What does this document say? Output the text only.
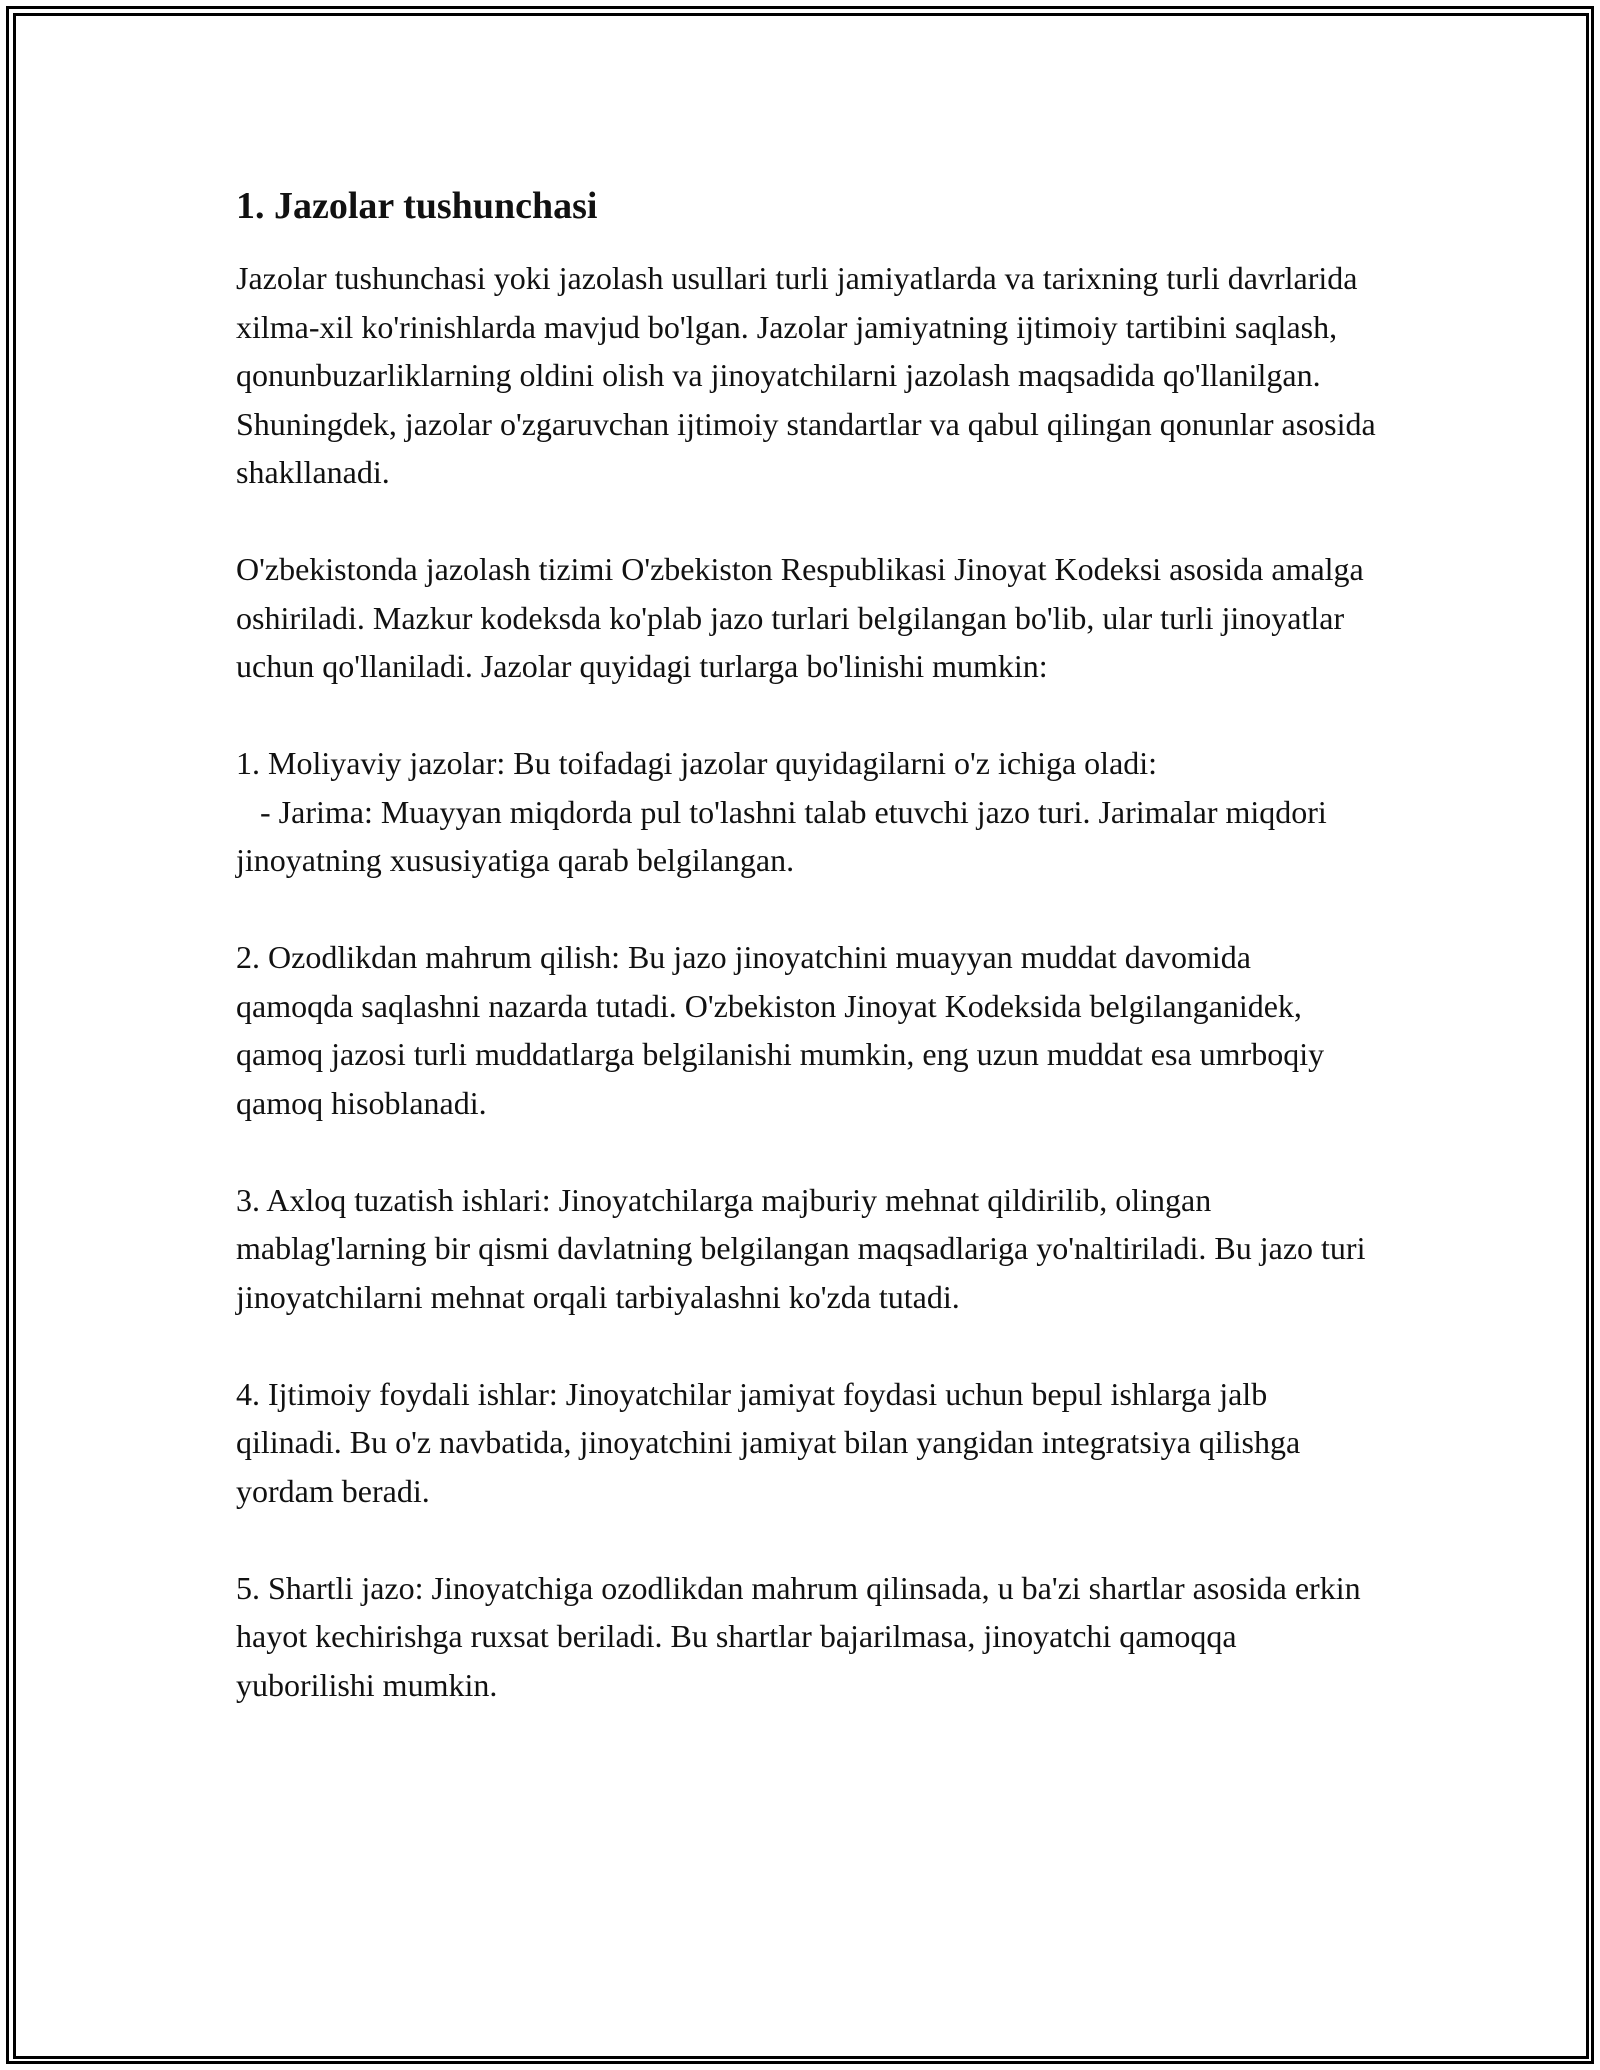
1. Jazolar tushunchasi

Jazolar tushunchasi yoki jazolash usullari turli jamiyatlarda va tarixning turli davrlarida xilma-xil ko'rinishlarda mavjud bo'lgan. Jazolar jamiyatning ijtimoiy tartibini saqlash, qonunbuzarliklarning oldini olish va jinoyatchilarni jazolash maqsadida qo'llanilgan. Shuningdek, jazolar o'zgaruvchan ijtimoiy standartlar va qabul qilingan qonunlar asosida shakllanadi.

O'zbekistonda jazolash tizimi O'zbekiston Respublikasi Jinoyat Kodeksi asosida amalga oshiriladi. Mazkur kodeksda ko'plab jazo turlari belgilangan bo'lib, ular turli jinoyatlar uchun qo'llaniladi. Jazolar quyidagi turlarga bo'linishi mumkin:

1. Moliyaviy jazolar: Bu toifadagi jazolar quyidagilarni o'z ichiga oladi:
- Jarima: Muayyan miqdorda pul to'lashni talab etuvchi jazo turi. Jarimalar miqdori jinoyatning xususiyatiga qarab belgilangan.

2. Ozodlikdan mahrum qilish: Bu jazo jinoyatchini muayyan muddat davomida qamoqda saqlashni nazarda tutadi. O'zbekiston Jinoyat Kodeksida belgilanganidek, qamoq jazosi turli muddatlarga belgilanishi mumkin, eng uzun muddat esa umrboqiy qamoq hisoblanadi.

3. Axloq tuzatish ishlari: Jinoyatchilarga majburiy mehnat qildirilib, olingan mablag'larning bir qismi davlatning belgilangan maqsadlariga yo'naltiriladi. Bu jazo turi jinoyatchilarni mehnat orqali tarbiyalashni ko'zda tutadi.

4. Ijtimoiy foydali ishlar: Jinoyatchilar jamiyat foydasi uchun bepul ishlarga jalb qilinadi. Bu o'z navbatida, jinoyatchini jamiyat bilan yangidan integratsiya qilishga yordam beradi.

5. Shartli jazo: Jinoyatchiga ozodlikdan mahrum qilinsada, u ba'zi shartlar asosida erkin hayot kechirishga ruxsat beriladi. Bu shartlar bajarilmasa, jinoyatchi qamoqqa yuborilishi mumkin.
